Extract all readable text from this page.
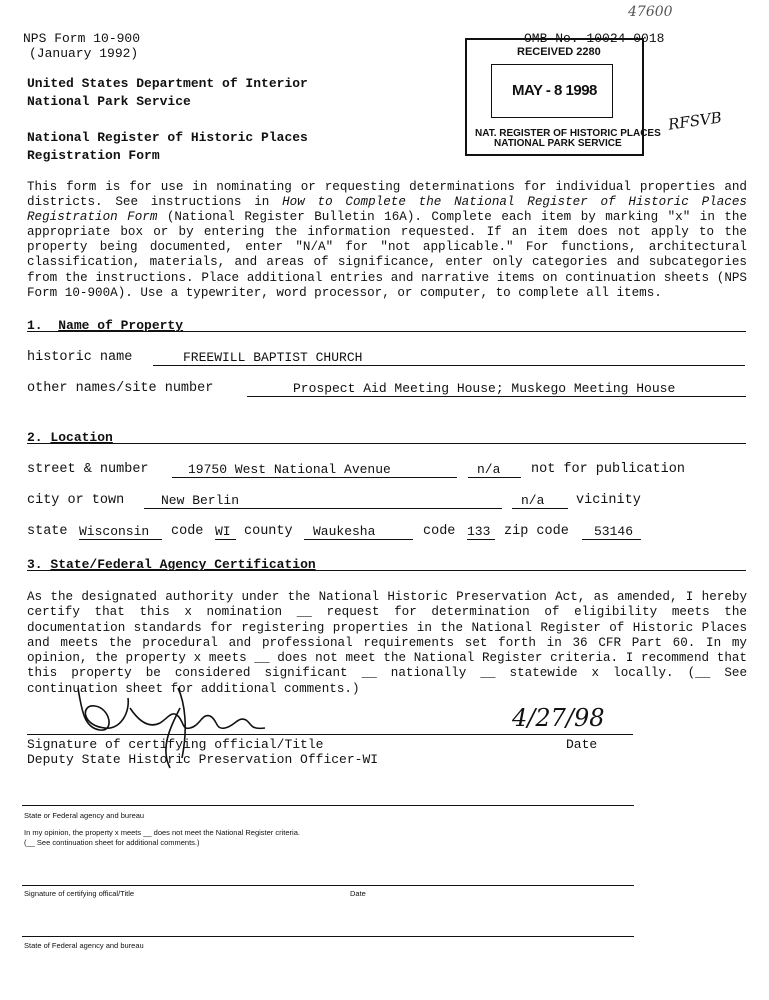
NPS Form 10-900
(January 1992)
OMB No. 10024-0018
United States Department of Interior
National Park Service
National Register of Historic Places
Registration Form
47600
RECEIVED 2280
MAY - 8 1998
NAT. REGISTER OF HISTORIC PLACES
NATIONAL PARK SERVICE
RFSVB
This form is for use in nominating or requesting determinations for individual properties and districts. See instructions in How to Complete the National Register of Historic Places Registration Form (National Register Bulletin 16A). Complete each item by marking "x" in the appropriate box or by entering the information requested. If an item does not apply to the property being documented, enter "N/A" for "not applicable." For functions, architectural classification, materials, and areas of significance, enter only categories and subcategories from the instructions. Place additional entries and narrative items on continuation sheets (NPS Form 10-900A). Use a typewriter, word processor, or computer, to complete all items.
1. Name of Property
historic name	FREEWILL BAPTIST CHURCH
other names/site number	Prospect Aid Meeting House; Muskego Meeting House
2. Location
street & number	19750 West National Avenue	n/a	not for publication
city or town	New Berlin	n/a	vicinity
state Wisconsin	code WI county	Waukesha	code 133	zip code	53146
3. State/Federal Agency Certification
As the designated authority under the National Historic Preservation Act, as amended, I hereby certify that this x nomination __ request for determination of eligibility meets the documentation standards for registering properties in the National Register of Historic Places and meets the procedural and professional requirements set forth in 36 CFR Part 60. In my opinion, the property x meets __ does not meet the National Register criteria. I recommend that this property be considered significant __ nationally __ statewide x locally. (__ See continuation sheet for additional comments.)
4/27/98
Signature of certifying official/Title	Date
Deputy State Historic Preservation Officer-WI
State or Federal agency and bureau
In my opinion, the property x meets __ does not meet the National Register criteria.
(__ See continuation sheet for additional comments.)
Signature of certifying offical/Title	Date
State of Federal agency and bureau
